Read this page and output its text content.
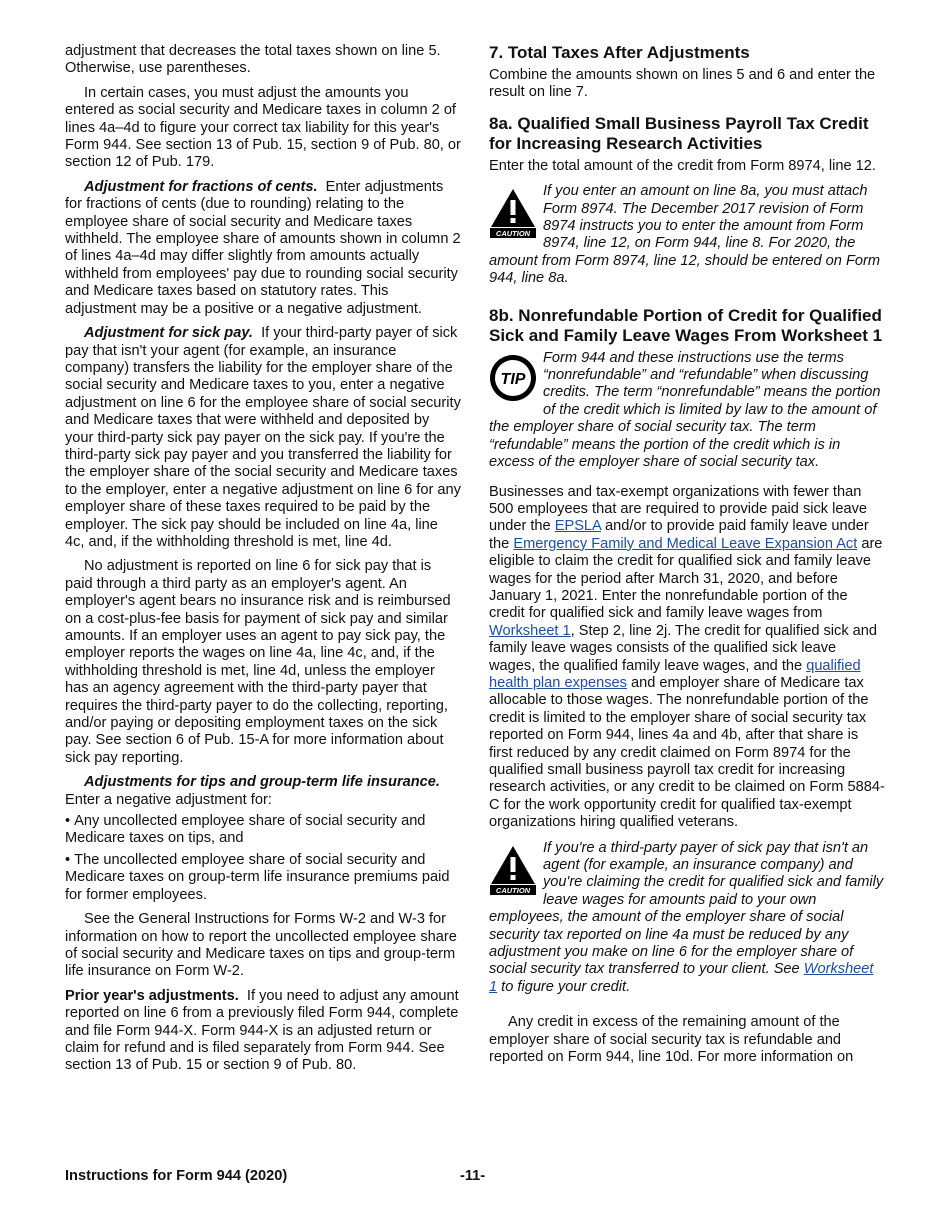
adjustment that decreases the total taxes shown on line 5. Otherwise, use parentheses.

In certain cases, you must adjust the amounts you entered as social security and Medicare taxes in column 2 of lines 4a–4d to figure your correct tax liability for this year's Form 944. See section 13 of Pub. 15, section 9 of Pub. 80, or section 12 of Pub. 179.

Adjustment for fractions of cents. Enter adjustments for fractions of cents (due to rounding) relating to the employee share of social security and Medicare taxes withheld. The employee share of amounts shown in column 2 of lines 4a–4d may differ slightly from amounts actually withheld from employees' pay due to rounding social security and Medicare taxes based on statutory rates. This adjustment may be a positive or a negative adjustment.

Adjustment for sick pay. If your third-party payer of sick pay that isn't your agent (for example, an insurance company) transfers the liability for the employer share of the social security and Medicare taxes to you, enter a negative adjustment on line 6 for the employee share of social security and Medicare taxes that were withheld and deposited by your third-party sick pay payer on the sick pay. If you're the third-party sick pay payer and you transferred the liability for the employer share of the social security and Medicare taxes to the employer, enter a negative adjustment on line 6 for any employer share of these taxes required to be paid by the employer. The sick pay should be included on line 4a, line 4c, and, if the withholding threshold is met, line 4d.

No adjustment is reported on line 6 for sick pay that is paid through a third party as an employer's agent. An employer's agent bears no insurance risk and is reimbursed on a cost-plus-fee basis for payment of sick pay and similar amounts. If an employer uses an agent to pay sick pay, the employer reports the wages on line 4a, line 4c, and, if the withholding threshold is met, line 4d, unless the employer has an agency agreement with the third-party payer that requires the third-party payer to do the collecting, reporting, and/or paying or depositing employment taxes on the sick pay. See section 6 of Pub. 15-A for more information about sick pay reporting.

Adjustments for tips and group-term life insurance. Enter a negative adjustment for:

• Any uncollected employee share of social security and Medicare taxes on tips, and

• The uncollected employee share of social security and Medicare taxes on group-term life insurance premiums paid for former employees.

See the General Instructions for Forms W-2 and W-3 for information on how to report the uncollected employee share of social security and Medicare taxes on tips and group-term life insurance on Form W-2.

Prior year's adjustments. If you need to adjust any amount reported on line 6 from a previously filed Form 944, complete and file Form 944-X. Form 944-X is an adjusted return or claim for refund and is filed separately from Form 944. See section 13 of Pub. 15 or section 9 of Pub. 80.

7. Total Taxes After Adjustments

Combine the amounts shown on lines 5 and 6 and enter the result on line 7.

8a. Qualified Small Business Payroll Tax Credit for Increasing Research Activities

Enter the total amount of the credit from Form 8974, line 12.

CAUTION

If you enter an amount on line 8a, you must attach Form 8974. The December 2017 revision of Form 8974 instructs you to enter the amount from Form 8974, line 12, on Form 944, line 8. For 2020, the amount from Form 8974, line 12, should be entered on Form 944, line 8a.

8b. Nonrefundable Portion of Credit for Qualified Sick and Family Leave Wages From Worksheet 1
TIP

Form 944 and these instructions use the terms “nonrefundable” and “refundable” when discussing credits. The term “nonrefundable” means the portion of the credit which is limited by law to the amount of the employer share of social security tax. The term “refundable” means the portion of the credit which is in excess of the employer share of social security tax.

Businesses and tax-exempt organizations with fewer than 500 employees that are required to provide paid sick leave under the EPSLA and/or to provide paid family leave under the Emergency Family and Medical Leave Expansion Act are eligible to claim the credit for qualified sick and family leave wages for the period after March 31, 2020, and before January 1, 2021. Enter the nonrefundable portion of the credit for qualified sick and family leave wages from Worksheet 1, Step 2, line 2j. The credit for qualified sick and family leave wages consists of the qualified sick leave wages, the qualified family leave wages, and the qualified health plan expenses and employer share of Medicare tax allocable to those wages. The nonrefundable portion of the credit is limited to the employer share of social security tax reported on Form 944, lines 4a and 4b, after that share is first reduced by any credit claimed on Form 8974 for the qualified small business payroll tax credit for increasing research activities, or any credit to be claimed on Form 5884-C for the work opportunity credit for qualified tax-exempt organizations hiring qualified veterans.

CAUTION

If you're a third-party payer of sick pay that isn't an agent (for example, an insurance company) and you're claiming the credit for qualified sick and family leave wages for amounts paid to your own employees, the amount of the employer share of social security tax reported on line 4a must be reduced by any adjustment you make on line 6 for the employer share of social security tax transferred to your client. See Worksheet 1 to figure your credit.

Any credit in excess of the remaining amount of the employer share of social security tax is refundable and reported on Form 944, line 10d. For more information on

Instructions for Form 944 (2020)	-11-
